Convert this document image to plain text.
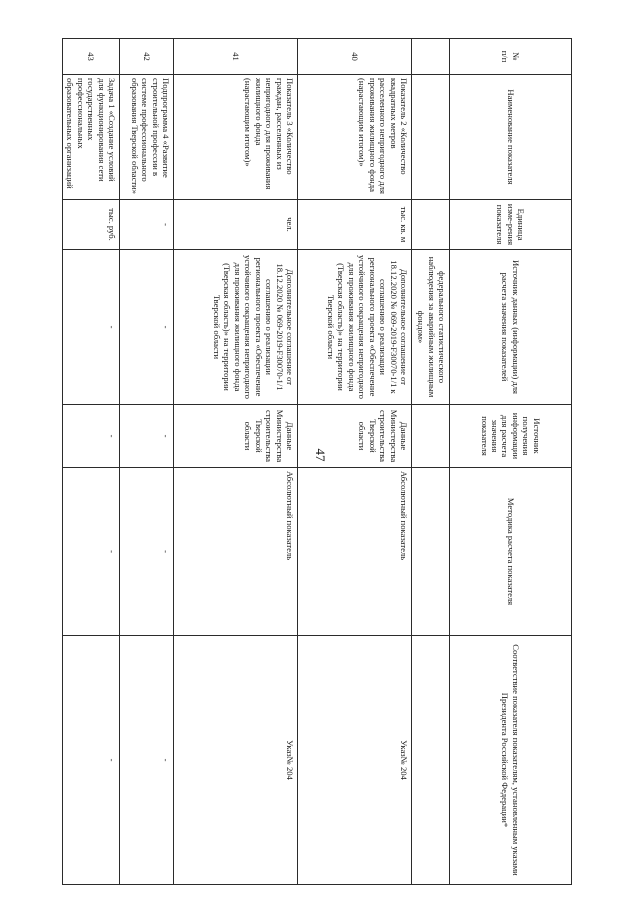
47
№
п/п	Наименование показателя	Единица изме-рения показателя	Источник данных (информации) для расчета значения показателей	Источник получения информации для расчета значения показателя	Методика расчета показателя	Соответствие показателя показателям, установленным указами Президента Российской Федерации*
			федерального статистического наблюдения за аварийным жилищным фондом»			
40	Показатель 2 «Количество квадратных метров расселенного непригодного для проживания жилищного фонда (нарастающим итогом)»	тыс. кв. м	Дополнительное соглашение от 18.12.2020 № 069-2019-F30070-1/1 к соглашению о реализации регионального проекта «Обеспечение устойчивого сокращения непригодного для проживания жилищного фонда (Тверская область)» на территории Тверской области	Данные Министерства строительства Тверской области	Абсолютный показатель	Указ№ 204
41	Показатель 3 «Количество граждан, расселенных из непригодного для проживания жилищного фонда (нарастающим итогом)»	чел.	Дополнительное соглашение от 18.12.2020 № 069-2019-F30070-1/1 соглашению о реализации регионального проекта «Обеспечение устойчивого сокращения непригодного для проживания жилищного фонда (Тверская область)» на территории Тверской области	Данные Министерства строительства Тверской области	Абсолютный показатель	Указ№ 204
42	Подпрограмма 4 «Развитие строительной профессии в системе профессионального образования Тверской области»	-	-	-	-	-
43	Задача 1 «Создание условий для функционирования сети государственных профессиональных образовательных организаций	тыс. руб.	-	-	-	-
